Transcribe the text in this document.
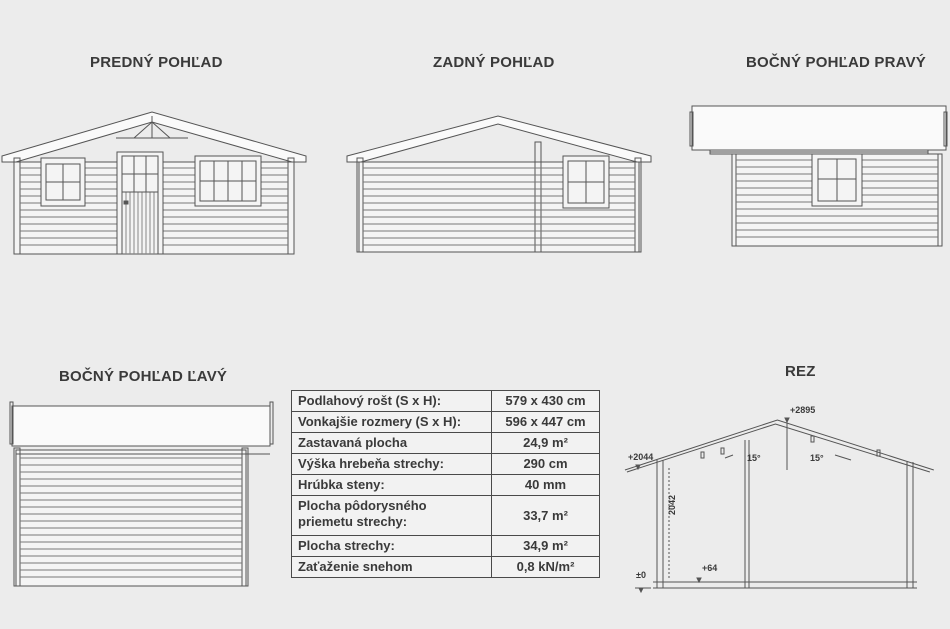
PREDNÝ POHĽAD	ZADNÝ POHĽAD	BOČNÝ POHĽAD PRAVÝ
BOČNÝ POHĽAD ĽAVÝ	REZ
Podlahový rošt (S x H):	579 x 430 cm
Vonkajšie rozmery (S x H):	596 x 447 cm
Zastavaná plocha	24,9 m²
Výška hrebeňa strechy:	290 cm
Hrúbka steny:	40 mm
Plocha pôdorysného priemetu strechy:	33,7 m²
Plocha strechy:	34,9 m²
Zaťaženie snehom	0,8 kN/m²
+2895
+2044
2042
+64
±0
15°	15°
